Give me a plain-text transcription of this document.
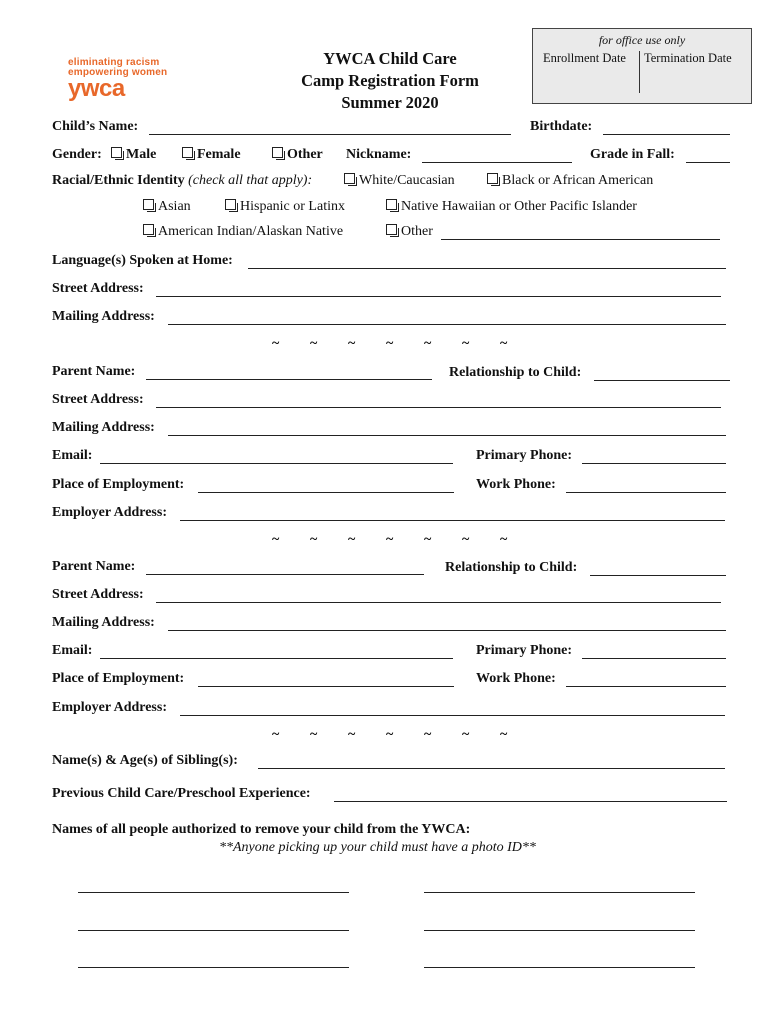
eliminating racism
empowering women
ywca
YWCA Child Care
Camp Registration Form
Summer 2020
for office use only
Enrollment Date Termination Date
Child’s Name:	Birthdate:
Gender:	Male	Female	Other Nickname:	Grade in Fall:
Racial/Ethnic Identity (check all that apply):	White/Caucasian	Black or African American
Asian	Hispanic or Latinx	Native Hawaiian or Other Pacific Islander
American Indian/Alaskan Native	Other
Language(s) Spoken at Home:
Street Address:
Mailing Address:
~ ~ ~ ~ ~ ~ ~
Parent Name:	Relationship to Child:
Street Address:
Mailing Address:
Email:	Primary Phone:
Place of Employment:	Work Phone:
Employer Address:
~ ~ ~ ~ ~ ~ ~
Parent Name:	Relationship to Child:
Street Address:
Mailing Address:
Email:	Primary Phone:
Place of Employment:	Work Phone:
Employer Address:
~ ~ ~ ~ ~ ~ ~
Name(s) & Age(s) of Sibling(s):
Previous Child Care/Preschool Experience:
Names of all people authorized to remove your child from the YWCA:
**Anyone picking up your child must have a photo ID**
